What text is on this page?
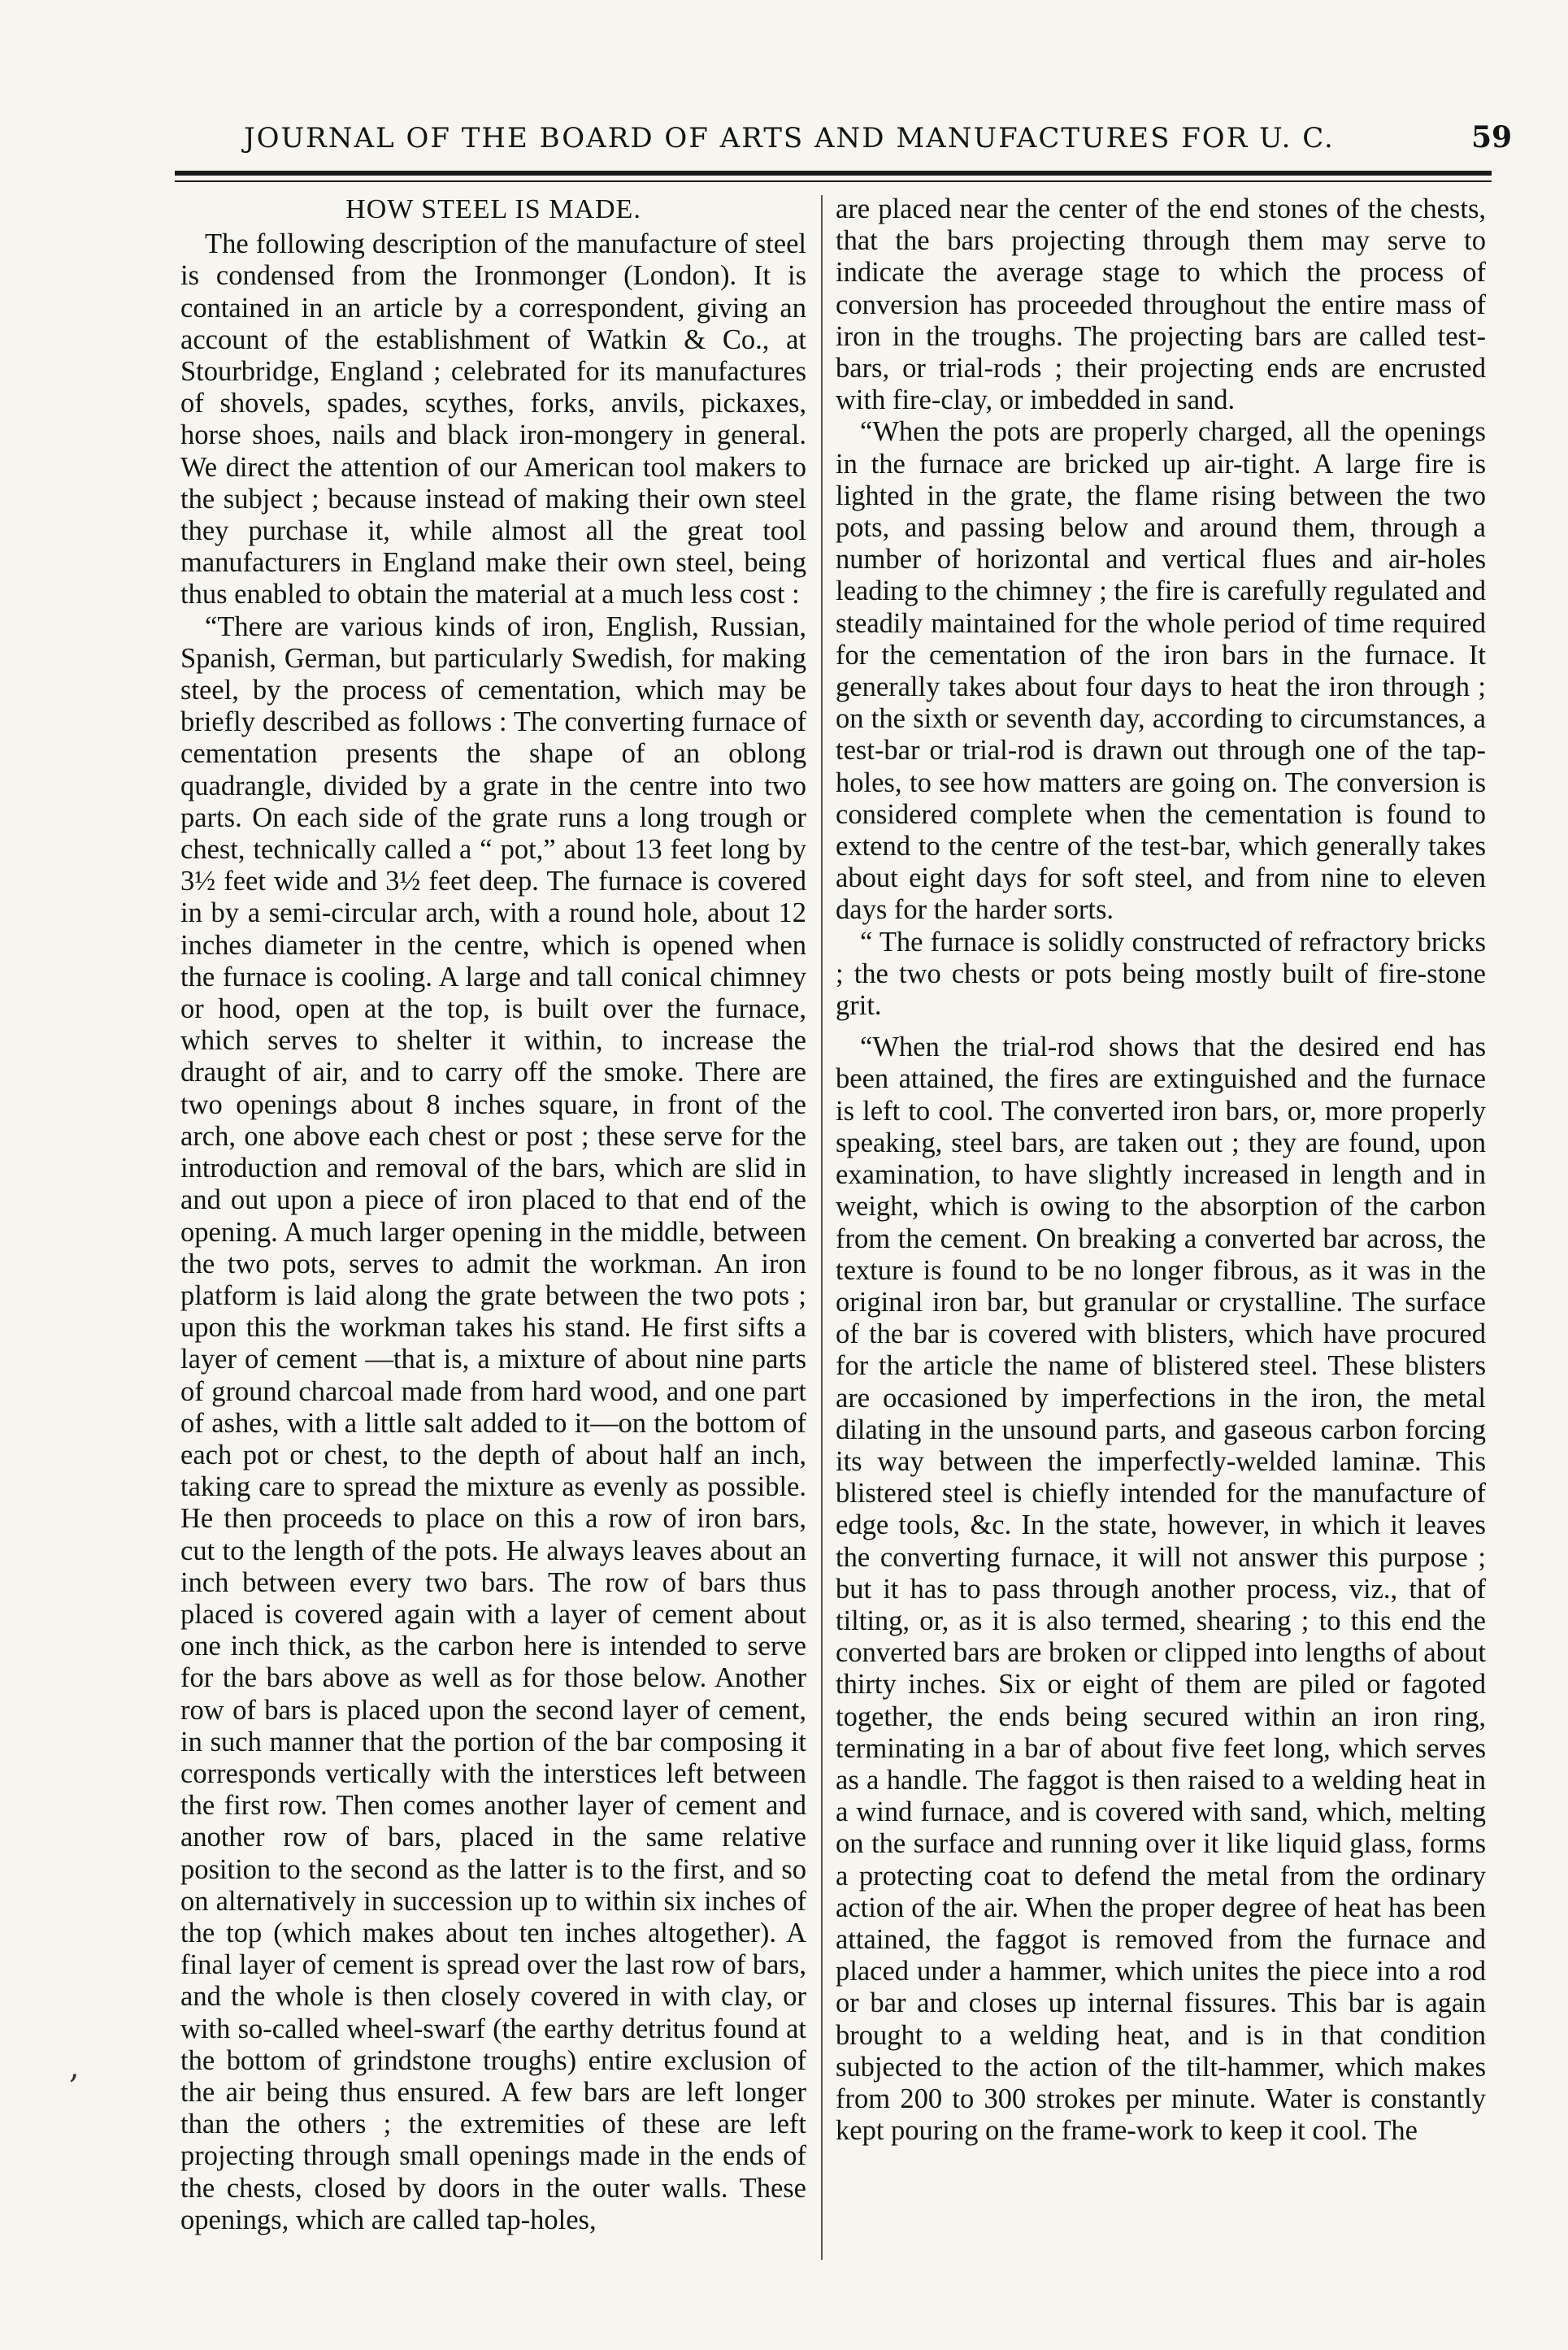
JOURNAL OF THE BOARD OF ARTS AND MANUFACTURES FOR U. C.	59
HOW STEEL IS MADE.

The following description of the manufacture of steel is condensed from the Ironmonger (London). It is contained in an article by a correspondent, giving an account of the establishment of Watkin & Co., at Stourbridge, England ; celebrated for its manufactures of shovels, spades, scythes, forks, anvils, pickaxes, horse shoes, nails and black iron-mongery in general. We direct the attention of our American tool makers to the subject ; because instead of making their own steel they purchase it, while almost all the great tool manufacturers in England make their own steel, being thus enabled to obtain the material at a much less cost :

“There are various kinds of iron, English, Russian, Spanish, German, but particularly Swedish, for making steel, by the process of cementation, which may be briefly described as follows : The converting furnace of cementation presents the shape of an oblong quadrangle, divided by a grate in the centre into two parts. On each side of the grate runs a long trough or chest, technically called a “ pot,” about 13 feet long by 3½ feet wide and 3½ feet deep. The furnace is covered in by a semi-circular arch, with a round hole, about 12 inches diameter in the centre, which is opened when the furnace is cooling. A large and tall conical chimney or hood, open at the top, is built over the furnace, which serves to shelter it within, to increase the draught of air, and to carry off the smoke. There are two openings about 8 inches square, in front of the arch, one above each chest or post ; these serve for the introduction and removal of the bars, which are slid in and out upon a piece of iron placed to that end of the opening. A much larger opening in the middle, between the two pots, serves to admit the workman. An iron platform is laid along the grate between the two pots ; upon this the workman takes his stand. He first sifts a layer of cement —that is, a mixture of about nine parts of ground charcoal made from hard wood, and one part of ashes, with a little salt added to it—on the bottom of each pot or chest, to the depth of about half an inch, taking care to spread the mixture as evenly as possible. He then proceeds to place on this a row of iron bars, cut to the length of the pots. He always leaves about an inch between every two bars. The row of bars thus placed is covered again with a layer of cement about one inch thick, as the carbon here is intended to serve for the bars above as well as for those below. Another row of bars is placed upon the second layer of cement, in such manner that the portion of the bar composing it corresponds vertically with the interstices left between the first row. Then comes another layer of cement and another row of bars, placed in the same relative position to the second as the latter is to the first, and so on alternatively in succession up to within six inches of the top (which makes about ten inches altogether). A final layer of cement is spread over the last row of bars, and the whole is then closely covered in with clay, or with so-called wheel-swarf (the earthy detritus found at the bottom of grindstone troughs) entire exclusion of the air being thus ensured. A few bars are left longer than the others ; the extremities of these are left projecting through small openings made in the ends of the chests, closed by doors in the outer walls. These openings, which are called tap-holes,

are placed near the center of the end stones of the chests, that the bars projecting through them may serve to indicate the average stage to which the process of conversion has proceeded throughout the entire mass of iron in the troughs. The projecting bars are called test-bars, or trial-rods ; their projecting ends are encrusted with fire-clay, or imbedded in sand.

“When the pots are properly charged, all the openings in the furnace are bricked up air-tight. A large fire is lighted in the grate, the flame rising between the two pots, and passing below and around them, through a number of horizontal and vertical flues and air-holes leading to the chimney ; the fire is carefully regulated and steadily maintained for the whole period of time required for the cementation of the iron bars in the furnace. It generally takes about four days to heat the iron through ; on the sixth or seventh day, according to circumstances, a test-bar or trial-rod is drawn out through one of the tap-holes, to see how matters are going on. The conversion is considered complete when the cementation is found to extend to the centre of the test-bar, which generally takes about eight days for soft steel, and from nine to eleven days for the harder sorts.

“ The furnace is solidly constructed of refractory bricks ; the two chests or pots being mostly built of fire-stone grit.

“When the trial-rod shows that the desired end has been attained, the fires are extinguished and the furnace is left to cool. The converted iron bars, or, more properly speaking, steel bars, are taken out ; they are found, upon examination, to have slightly increased in length and in weight, which is owing to the absorption of the carbon from the cement. On breaking a converted bar across, the texture is found to be no longer fibrous, as it was in the original iron bar, but granular or crystalline. The surface of the bar is covered with blisters, which have procured for the article the name of blistered steel. These blisters are occasioned by imperfections in the iron, the metal dilating in the unsound parts, and gaseous carbon forcing its way between the imperfectly-welded laminæ. This blistered steel is chiefly intended for the manufacture of edge tools, &c. In the state, however, in which it leaves the converting furnace, it will not answer this purpose ; but it has to pass through another process, viz., that of tilting, or, as it is also termed, shearing ; to this end the converted bars are broken or clipped into lengths of about thirty inches. Six or eight of them are piled or fagoted together, the ends being secured within an iron ring, terminating in a bar of about five feet long, which serves as a handle. The faggot is then raised to a welding heat in a wind furnace, and is covered with sand, which, melting on the surface and running over it like liquid glass, forms a protecting coat to defend the metal from the ordinary action of the air. When the proper degree of heat has been attained, the faggot is removed from the furnace and placed under a hammer, which unites the piece into a rod or bar and closes up internal fissures. This bar is again brought to a welding heat, and is in that condition subjected to the action of the tilt-hammer, which makes from 200 to 300 strokes per minute. Water is constantly kept pouring on the frame-work to keep it cool. The

,
